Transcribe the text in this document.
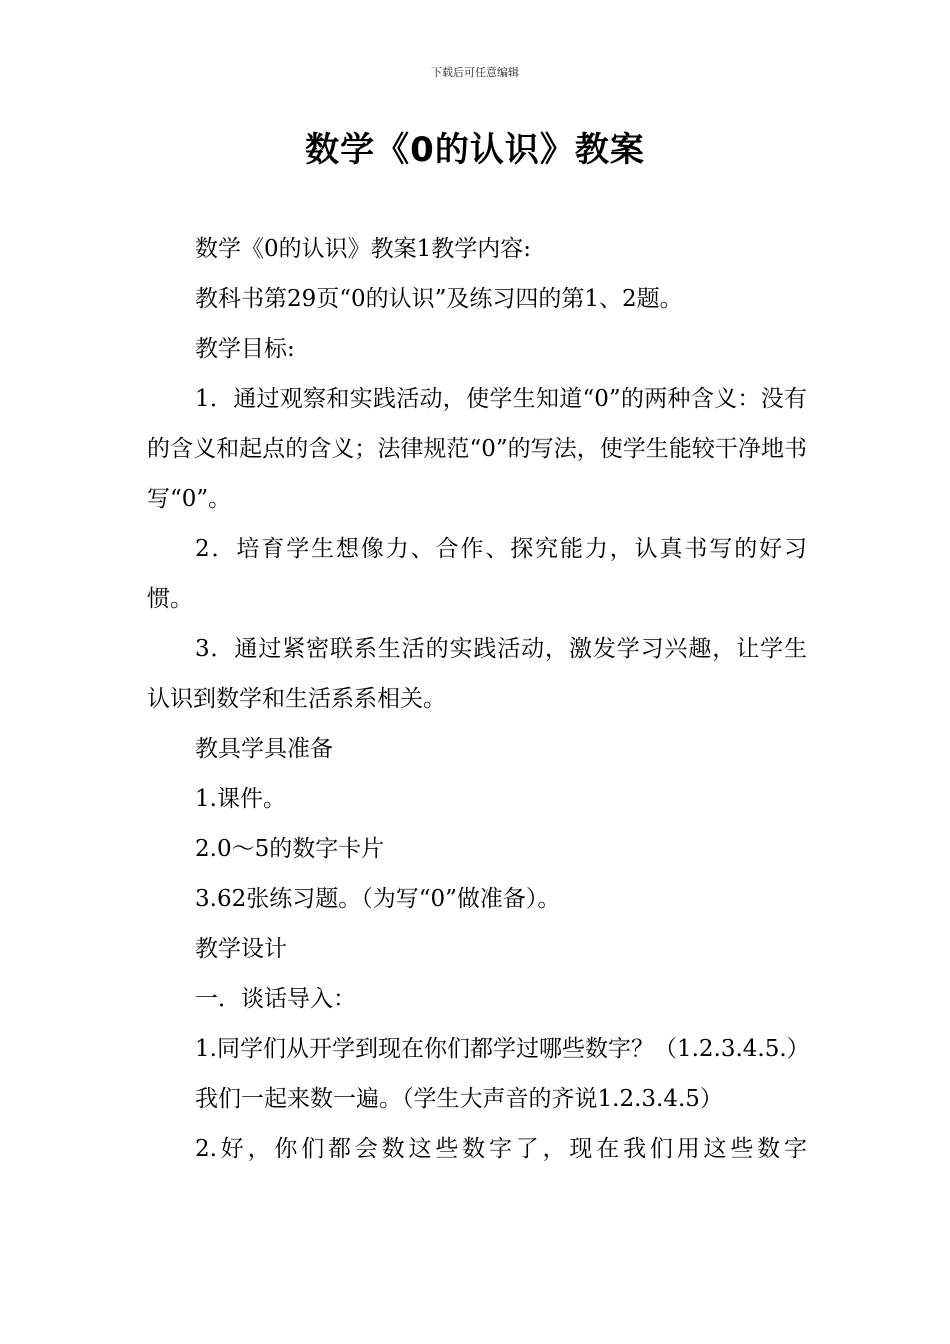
下载后可任意编辑
数学《0的认识》教案

数学《0的认识》教案1教学内容:

教科书第29页“0的认识”及练习四的第1、2题。

教学目标:

1．通过观察和实践活动，使学生知道“0”的两种含义：没有的含义和起点的含义；法律规范“0”的写法，使学生能较干净地书写“0”。

2．培育学生想像力、合作、探究能力，认真书写的好习惯。

3．通过紧密联系生活的实践活动，激发学习兴趣，让学生认识到数学和生活系系相关。

教具学具准备

1.课件。

2.0～5的数字卡片

3.62张练习题。（为写“0”做准备）。

教学设计

一．谈话导入：

1.同学们从开学到现在你们都学过哪些数字？（1.2.3.4.5.）

我们一起来数一遍。（学生大声音的齐说1.2.3.4.5）

2.好，你们都会数这些数字了，现在我们用这些数字
